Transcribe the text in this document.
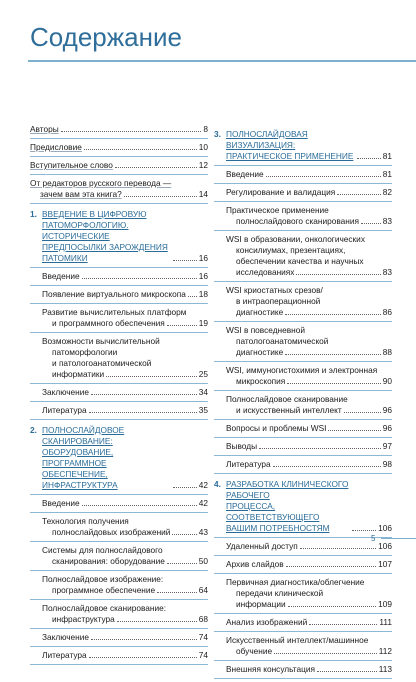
Содержание
Авторы	8
Предисловие	10
Вступительное слово	12
От редакторов русского перевода —
зачем вам эта книга?	14
1. ВВЕДЕНИЕ В ЦИФРОВУЮ
ПАТОМОРФОЛОГИЮ. ИСТОРИЧЕСКИЕ
ПРЕДПОСЫЛКИ ЗАРОЖДЕНИЯ
ПАТОМИКИ	16
Введение	16
Появление виртуального микроскопа 18
Развитие вычислительных платформ
и программного обеспечения	19
Возможности вычислительной
патоморфологии
и патологоанатомической
информатики	25
Заключение	34
Литература	35
2. ПОЛНОСЛАЙДОВОЕ
СКАНИРОВАНИЕ: ОБОРУДОВАНИЕ,
ПРОГРАММНОЕ ОБЕСПЕЧЕНИЕ,
ИНФРАСТРУКТУРА	42
Введение	42
Технология получения
полнослайдовых изображений	43
Системы для полнослайдового
сканирования: оборудование	50
Полнослайдовое изображение:
программное обеспечение	64
Полнослайдовое сканирование:
инфраструктура	68
Заключение	74
Литература	74
3. ПОЛНОСЛАЙДОВАЯ ВИЗУАЛИЗАЦИЯ:
ПРАКТИЧЕСКОЕ ПРИМЕНЕНИЕ	81
Введение	81
Регулирование и валидация	82
Практическое применение
полнослайдового сканирования	83
WSI в образовании, онкологических
консилиумах, презентациях,
обеспечении качества и научных
исследованиях	83
WSI криостатных срезов/
в интраоперационной
диагностике	86
WSI в повседневной
патологоанатомической
диагностике	88
WSI, иммуногистохимия и электронная
микроскопия	90
Полнослайдовое сканирование
и искусственный интеллект	96
Вопросы и проблемы WSI	96
Выводы	97
Литература	98
4. РАЗРАБОТКА КЛИНИЧЕСКОГО РАБОЧЕГО
ПРОЦЕССА, СООТВЕТСТВУЮЩЕГО
ВАШИМ ПОТРЕБНОСТЯМ	106
Удаленный доступ	106
Архив слайдов	107
Первичная диагностика/облегчение
передачи клинической
информации	109
Анализ изображений	111
Искусственный интеллект/машинное
обучение	112
Внешняя консультация	113
5
